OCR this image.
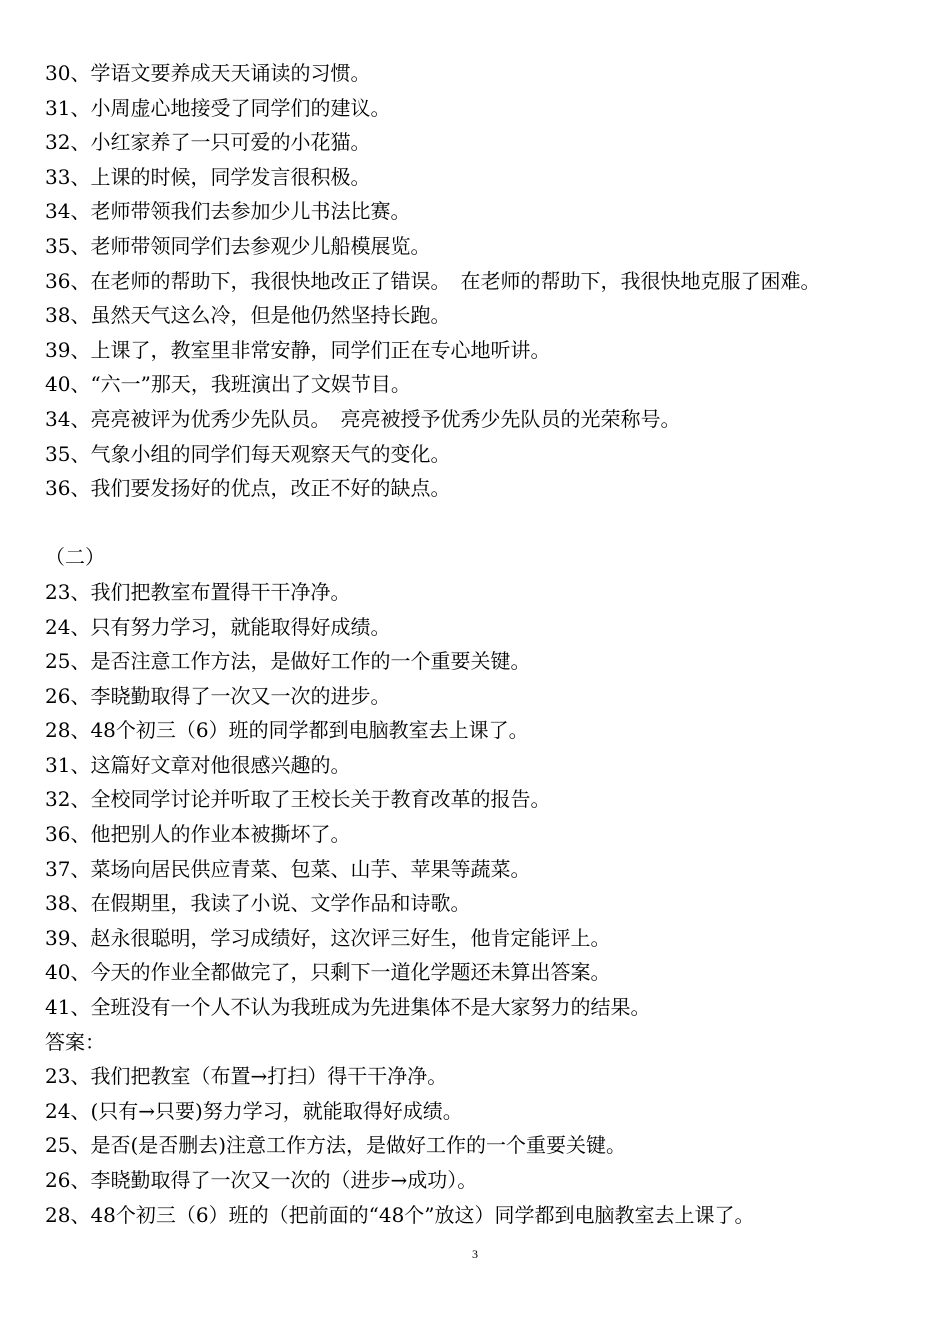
30、学语文要养成天天诵读的习惯。
31、小周虚心地接受了同学们的建议。
32、小红家养了一只可爱的小花猫。
33、上课的时候，同学发言很积极。
34、老师带领我们去参加少儿书法比赛。
35、老师带领同学们去参观少儿船模展览。
36、在老师的帮助下，我很快地改正了错误。　在老师的帮助下，我很快地克服了困难。
38、虽然天气这么冷，但是他仍然坚持长跑。
39、上课了，教室里非常安静，同学们正在专心地听讲。
40、“六一”那天，我班演出了文娱节目。
34、亮亮被评为优秀少先队员。　亮亮被授予优秀少先队员的光荣称号。
35、气象小组的同学们每天观察天气的变化。
36、我们要发扬好的优点，改正不好的缺点。
（二）
23、我们把教室布置得干干净净。
24、只有努力学习，就能取得好成绩。
25、是否注意工作方法，是做好工作的一个重要关键。
26、李晓勤取得了一次又一次的进步。
28、48个初三（6）班的同学都到电脑教室去上课了。
31、这篇好文章对他很感兴趣的。
32、全校同学讨论并听取了王校长关于教育改革的报告。
36、他把别人的作业本被撕坏了。
37、菜场向居民供应青菜、包菜、山芋、苹果等蔬菜。
38、在假期里，我读了小说、文学作品和诗歌。
39、赵永很聪明，学习成绩好，这次评三好生，他肯定能评上。
40、今天的作业全都做完了，只剩下一道化学题还未算出答案。
41、全班没有一个人不认为我班成为先进集体不是大家努力的结果。
答案：
23、我们把教室（布置→打扫）得干干净净。
24、(只有→只要)努力学习，就能取得好成绩。
25、是否(是否删去)注意工作方法，是做好工作的一个重要关键。
26、李晓勤取得了一次又一次的（进步→成功）。
28、48个初三（6）班的（把前面的“48个”放这）同学都到电脑教室去上课了。
3
